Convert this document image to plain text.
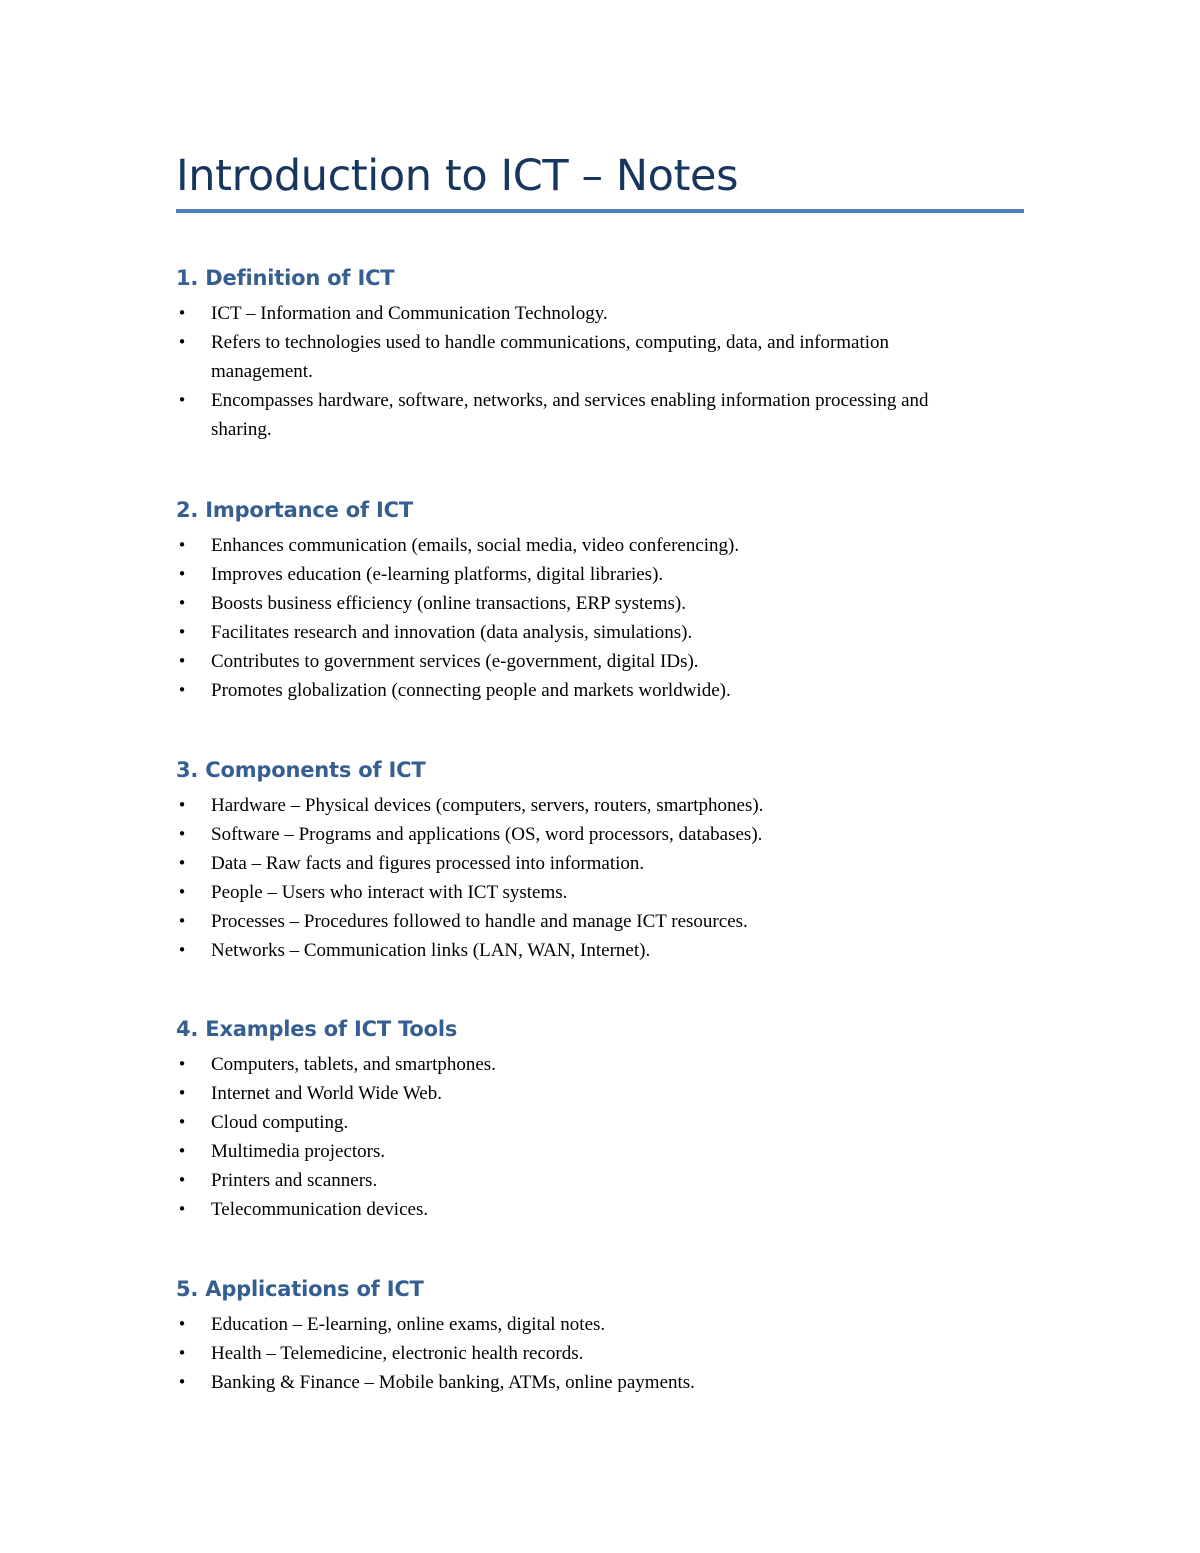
Introduction to ICT – Notes
1. Definition of ICT
• ICT – Information and Communication Technology.
• Refers to technologies used to handle communications, computing, data, and information management.
• Encompasses hardware, software, networks, and services enabling information processing and sharing.
2. Importance of ICT
• Enhances communication (emails, social media, video conferencing).
• Improves education (e-learning platforms, digital libraries).
• Boosts business efficiency (online transactions, ERP systems).
• Facilitates research and innovation (data analysis, simulations).
• Contributes to government services (e-government, digital IDs).
• Promotes globalization (connecting people and markets worldwide).
3. Components of ICT
• Hardware – Physical devices (computers, servers, routers, smartphones).
• Software – Programs and applications (OS, word processors, databases).
• Data – Raw facts and figures processed into information.
• People – Users who interact with ICT systems.
• Processes – Procedures followed to handle and manage ICT resources.
• Networks – Communication links (LAN, WAN, Internet).
4. Examples of ICT Tools
• Computers, tablets, and smartphones.
• Internet and World Wide Web.
• Cloud computing.
• Multimedia projectors.
• Printers and scanners.
• Telecommunication devices.
5. Applications of ICT
• Education – E-learning, online exams, digital notes.
• Health – Telemedicine, electronic health records.
• Banking & Finance – Mobile banking, ATMs, online payments.
